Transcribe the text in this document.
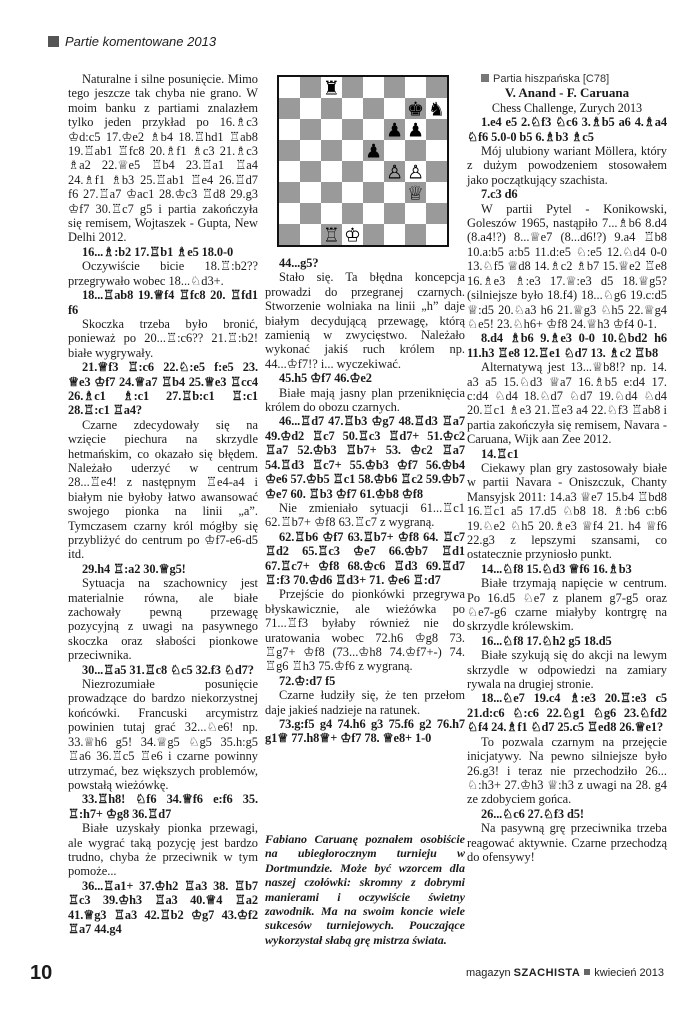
Partie komentowane 2013

Naturalne i silne posunięcie. Mimo tego jeszcze tak chyba nie grano. W moim banku z partiami znalazłem tylko jeden przykład po 16.♗c3 ♔d:c5 17.♔e2 ♗b4 18.♖hd1 ♖ab8 19.♖ab1 ♖fc8 20.♗f1 ♗c3 21.♗c3 ♗a2 22.♕e5 ♖b4 23.♖a1 ♖a4 24.♗f1 ♗b3 25.♖ab1 ♖e4 26.♖d7 f6 27.♖a7 ♔ac1 28.♔c3 ♖d8 29.g3 ♔f7 30.♖c7 g5 i partia zakończyła się remisem, Wojtaszek - Gupta, New Delhi 2012.

16...♗:b2 17.♖b1 ♗e5 18.0-0

Oczywiście bicie 18.♖:b2?? przegrywało wobec 18...♘d3+.

18...♖ab8 19.♕f4 ♖fc8 20. ♖fd1 f6

Skoczka trzeba było bronić, ponieważ po 20...♖:c6?? 21.♖:b2! białe wygrywały.

21.♕f3 ♖:c6 22.♘:e5 f:e5 23. ♕e3 ♔f7 24.♕a7 ♖b4 25.♕e3 ♖cc4 26.♗c1 ♗:c1 27.♖b:c1 ♖:c1 28.♖:c1 ♖a4?

Czarne zdecydowały się na wzięcie piechura na skrzydle hetmańskim, co okazało się błędem. Należało uderzyć w centrum 28...♖e4! z następnym ♖e4-a4 i białym nie byłoby łatwo awansować swojego pionka na linii „a”. Tymczasem czarny król mógłby się przybliżyć do centrum po ♔f7-e6-d5 itd.

29.h4 ♖:a2 30.♕g5!

Sytuacja na szachownicy jest materialnie równa, ale białe zachowały pewną przewagę pozycyjną z uwagi na pasywnego skoczka oraz słabości pionkowe przeciwnika.

30...♖a5 31.♖c8 ♘c5 32.f3 ♘d7?

Niezrozumiałe posunięcie prowadzące do bardzo niekorzystnej końcówki. Francuski arcymistrz powinien tutaj grać 32...♘e6! np. 33.♕h6 g5! 34.♕g5 ♘g5 35.h:g5 ♖a6 36.♖c5 ♖e6 i czarne powinny utrzymać, bez większych problemów, powstałą wieżówkę.

33.♖h8! ♘f6 34.♕f6 e:f6 35. ♖:h7+ ♔g8 36.♖d7

Białe uzyskały pionka przewagi, ale wygrać taką pozycję jest bardzo trudno, chyba że przeciwnik w tym pomoże...

36...♖a1+ 37.♔h2 ♖a3 38. ♖b7 ♖c3 39.♔h3 ♖a3 40.♕4 ♖a2 41.♕g3 ♖a3 42.♖b2 ♔g7 43.♔f2 ♖a7 44.g4

♜
♚ ♞
♟ ♟
♟
♙ ♙
♕
♖ ♔

44...g5?

Stało się. Ta błędna koncepcja prowadzi do przegranej czarnych. Stworzenie wolniaka na linii „h” daje białym decydującą przewagę, którą zamienią w zwycięstwo. Należało wykonać jakiś ruch królem np. 44...♔f7!? i... wyczekiwać.

45.h5 ♔f7 46.♔e2

Białe mają jasny plan przeniknięcia królem do obozu czarnych.

46...♖d7 47.♖b3 ♔g7 48.♖d3 ♖a7 49.♔d2 ♖c7 50.♖c3 ♖d7+ 51.♔c2 ♖a7 52.♔b3 ♖b7+ 53. ♔c2 ♖a7 54.♖d3 ♖c7+ 55.♔b3 ♔f7 56.♔b4 ♔e6 57.♔b5 ♖c1 58.♔b6 ♖c2 59.♔b7 ♔e7 60. ♖b3 ♔f7 61.♔b8 ♔f8

Nie zmieniało sytuacji 61...♖c1 62.♖b7+ ♔f8 63.♖c7 z wygraną.

62.♖b6 ♔f7 63.♖b7+ ♔f8 64. ♖c7 ♖d2 65.♖c3 ♔e7 66.♔b7 ♖d1 67.♖c7+ ♔f8 68.♔c6 ♖d3 69.♖d7 ♖:f3 70.♔d6 ♖d3+ 71. ♔e6 ♖:d7

Przejście do pionkówki przegrywa błyskawicznie, ale wieżówka po 71...♖f3 byłaby również nie do uratowania wobec 72.h6 ♔g8 73. ♖g7+ ♔f8 (73...♔h8 74.♔f7+-) 74. ♖g6 ♖h3 75.♔f6 z wygraną.

72.♔:d7 f5

Czarne łudziły się, że ten przełom daje jakieś nadzieje na ratunek.

73.g:f5 g4 74.h6 g3 75.f6 g2 76.h7 g1♕ 77.h8♕+ ♔f7 78. ♕e8+ 1-0

Fabiano Caruanę poznałem osobiście na ubiegłorocznym turnieju w Dortmundzie. Może być wzorcem dla naszej czołówki: skromny z dobrymi manierami i oczywiście świetny zawodnik. Ma na swoim koncie wiele sukcesów turniejowych. Pouczające wykorzystał słabą grę mistrza świata.

Partia hiszpańska [C78]

V. Anand - F. Caruana

Chess Challenge, Zurych 2013

1.e4 e5 2.♘f3 ♘c6 3.♗b5 a6 4.♗a4 ♘f6 5.0-0 b5 6.♗b3 ♗c5

Mój ulubiony wariant Möllera, który z dużym powodzeniem stosowałem jako początkujący szachista.

7.c3 d6

W partii Pytel - Konikowski, Goleszów 1965, nastąpiło 7...♗b6 8.d4 (8.a4!?) 8...♕e7 (8...d6!?) 9.a4 ♖b8 10.a:b5 a:b5 11.d:e5 ♘:e5 12.♘d4 0-0 13.♘f5 ♕d8 14.♗c2 ♗b7 15.♕e2 ♖e8 16.♗e3 ♗:e3 17.♕:e3 d5 18.♕g5? (silniejsze było 18.f4) 18...♘g6 19.c:d5 ♕:d5 20.♘a3 h6 21.♕g3 ♘h5 22.♕g4 ♘e5! 23.♘h6+ ♔f8 24.♕h3 ♔f4 0-1.

8.d4 ♗b6 9.♗e3 0-0 10.♘bd2 h6 11.h3 ♖e8 12.♖e1 ♘d7 13. ♗c2 ♖b8

Alternatywą jest 13...♕b8!? np. 14. a3 a5 15.♘d3 ♕a7 16.♗b5 e:d4 17. c:d4 ♘d4 18.♘d7 ♘d7 19.♘d4 ♘d4 20.♖c1 ♗e3 21.♖e3 a4 22.♘f3 ♖ab8 i partia zakończyła się remisem, Navara - Caruana, Wijk aan Zee 2012.

14.♖c1

Ciekawy plan gry zastosowały białe w partii Navara - Oniszczuk, Chanty Mansyjsk 2011: 14.a3 ♕e7 15.b4 ♖bd8 16.♖c1 a5 17.d5 ♘b8 18. ♗:b6 c:b6 19.♘e2 ♘h5 20.♗e3 ♕f4 21. h4 ♕f6 22.g3 z lepszymi szansami, co ostatecznie przyniosło punkt.

14...♘f8 15.♘d3 ♕f6 16.♗b3

Białe trzymają napięcie w centrum. Po 16.d5 ♘e7 z planem g7-g5 oraz ♘e7-g6 czarne miałyby kontrgrę na skrzydle królewskim.

16...♘f8 17.♘h2 g5 18.d5

Białe szykują się do akcji na lewym skrzydle w odpowiedzi na zamiary rywala na drugiej stronie.

18...♘e7 19.c4 ♗:e3 20.♖:e3 c5 21.d:c6 ♘:c6 22.♘g1 ♘g6 23.♘fd2 ♘f4 24.♗f1 ♘d7 25.c5 ♖ed8 26.♕e1?

To pozwala czarnym na przejęcie inicjatywy. Na pewno silniejsze było 26.g3! i teraz nie przechodziło 26... ♘:h3+ 27.♔h3 ♕:h3 z uwagi na 28. g4 ze zdobyciem gońca.

26...♘c6 27.♘f3 d5!

Na pasywną grę przeciwnika trzeba reagować aktywnie. Czarne przechodzą do ofensywy!

10	magazyn SZACHISTA kwiecień 2013
